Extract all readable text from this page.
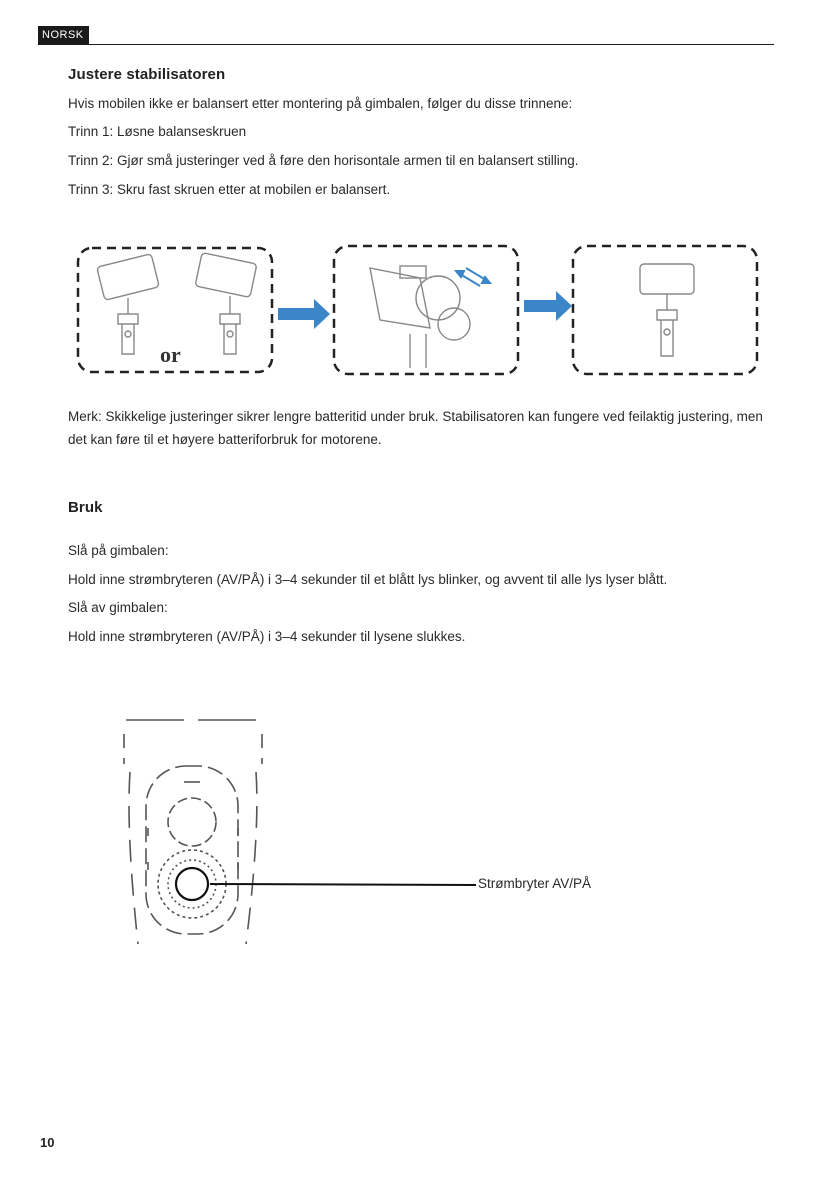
NORSK
Justere stabilisatoren
Hvis mobilen ikke er balansert etter montering på gimbalen, følger du disse trinnene:
Trinn 1: Løsne balanseskruen
Trinn 2: Gjør små justeringer ved å føre den horisontale armen til en balansert stilling.
Trinn 3: Skru fast skruen etter at mobilen er balansert.
or
Merk: Skikkelige justeringer sikrer lengre batteritid under bruk. Stabilisatoren kan fungere ved feilaktig justering, men det kan føre til et høyere batteriforbruk for motorene.
Bruk
Slå på gimbalen:
Hold inne strømbryteren (AV/PÅ) i 3–4 sekunder til et blått lys blinker, og avvent til alle lys lyser blått.
Slå av gimbalen:
Hold inne strømbryteren (AV/PÅ) i 3–4 sekunder til lysene slukkes.
Strømbryter AV/PÅ
10
